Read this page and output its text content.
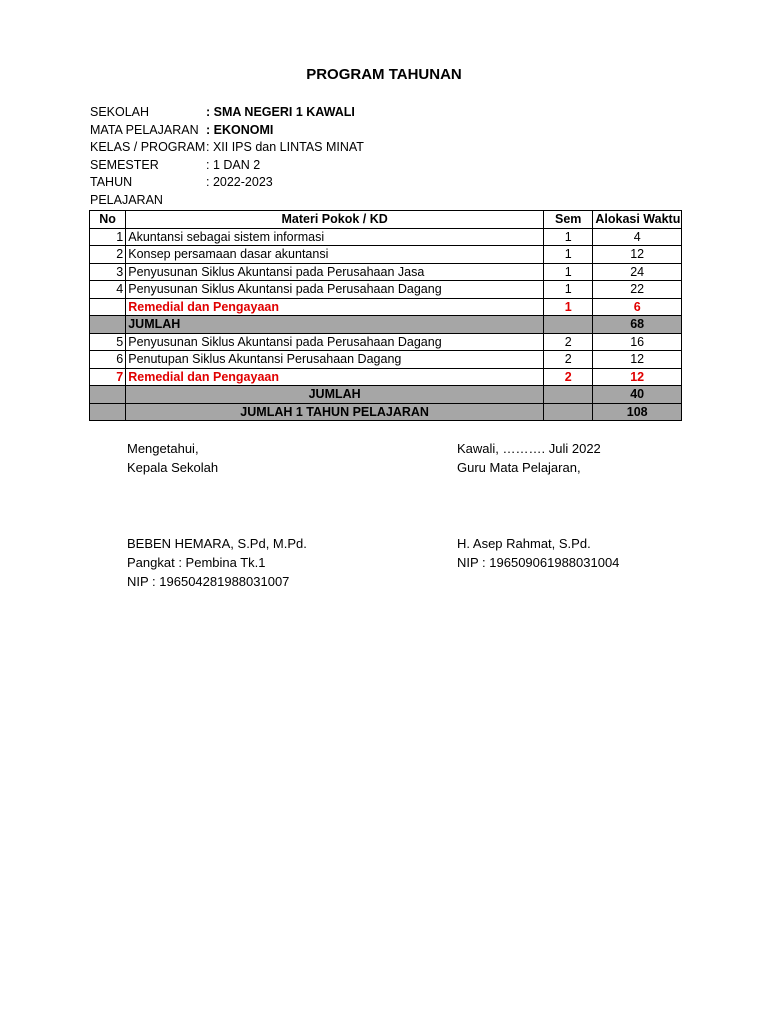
PROGRAM TAHUNAN
SEKOLAH	: SMA NEGERI 1 KAWALI
MATA PELAJARAN : EKONOMI
KELAS / PROGRAM : XII IPS dan LINTAS MINAT
SEMESTER	: 1 DAN 2
TAHUN PELAJARAN
: 2022-2023
No	Materi Pokok / KD	Sem	Alokasi Waktu
1	Akuntansi sebagai sistem informasi	1	4
2	Konsep persamaan dasar akuntansi	1	12
3	Penyusunan Siklus Akuntansi pada Perusahaan Jasa	1	24
4	Penyusunan Siklus Akuntansi pada Perusahaan Dagang	1	22
	Remedial dan Pengayaan	1	6
	JUMLAH		68
5	Penyusunan Siklus Akuntansi pada Perusahaan Dagang	2	16
6	Penutupan Siklus Akuntansi Perusahaan Dagang	2	12
7	Remedial dan Pengayaan	2	12
	JUMLAH		40
	JUMLAH 1 TAHUN PELAJARAN		108
Mengetahui,
Kepala Sekolah
BEBEN HEMARA, S.Pd, M.Pd.
Pangkat : Pembina Tk.1
NIP : 196504281988031007
Kawali, ………. Juli 2022
Guru Mata Pelajaran,
H. Asep Rahmat, S.Pd.
NIP : 196509061988031004
